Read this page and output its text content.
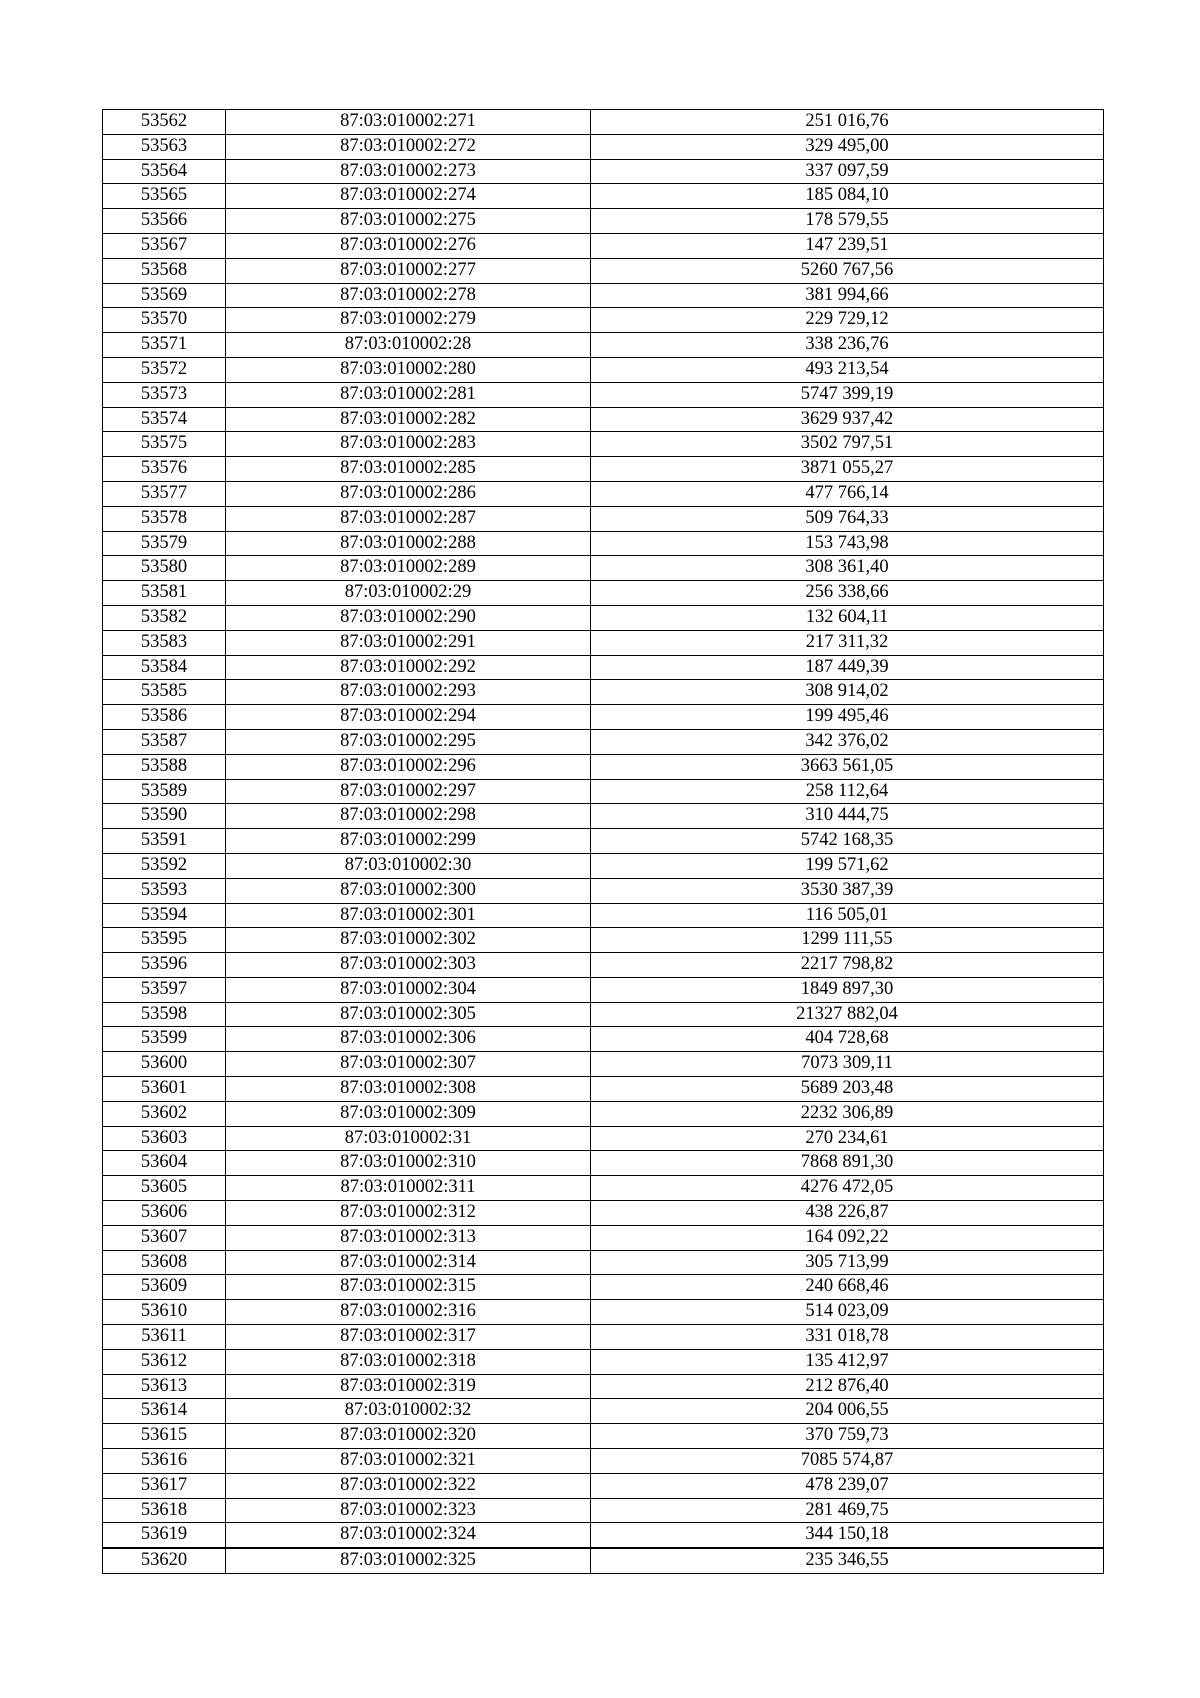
53562	87:03:010002:271	251 016,76
53563	87:03:010002:272	329 495,00
53564	87:03:010002:273	337 097,59
53565	87:03:010002:274	185 084,10
53566	87:03:010002:275	178 579,55
53567	87:03:010002:276	147 239,51
53568	87:03:010002:277	5260 767,56
53569	87:03:010002:278	381 994,66
53570	87:03:010002:279	229 729,12
53571	87:03:010002:28	338 236,76
53572	87:03:010002:280	493 213,54
53573	87:03:010002:281	5747 399,19
53574	87:03:010002:282	3629 937,42
53575	87:03:010002:283	3502 797,51
53576	87:03:010002:285	3871 055,27
53577	87:03:010002:286	477 766,14
53578	87:03:010002:287	509 764,33
53579	87:03:010002:288	153 743,98
53580	87:03:010002:289	308 361,40
53581	87:03:010002:29	256 338,66
53582	87:03:010002:290	132 604,11
53583	87:03:010002:291	217 311,32
53584	87:03:010002:292	187 449,39
53585	87:03:010002:293	308 914,02
53586	87:03:010002:294	199 495,46
53587	87:03:010002:295	342 376,02
53588	87:03:010002:296	3663 561,05
53589	87:03:010002:297	258 112,64
53590	87:03:010002:298	310 444,75
53591	87:03:010002:299	5742 168,35
53592	87:03:010002:30	199 571,62
53593	87:03:010002:300	3530 387,39
53594	87:03:010002:301	116 505,01
53595	87:03:010002:302	1299 111,55
53596	87:03:010002:303	2217 798,82
53597	87:03:010002:304	1849 897,30
53598	87:03:010002:305	21327 882,04
53599	87:03:010002:306	404 728,68
53600	87:03:010002:307	7073 309,11
53601	87:03:010002:308	5689 203,48
53602	87:03:010002:309	2232 306,89
53603	87:03:010002:31	270 234,61
53604	87:03:010002:310	7868 891,30
53605	87:03:010002:311	4276 472,05
53606	87:03:010002:312	438 226,87
53607	87:03:010002:313	164 092,22
53608	87:03:010002:314	305 713,99
53609	87:03:010002:315	240 668,46
53610	87:03:010002:316	514 023,09
53611	87:03:010002:317	331 018,78
53612	87:03:010002:318	135 412,97
53613	87:03:010002:319	212 876,40
53614	87:03:010002:32	204 006,55
53615	87:03:010002:320	370 759,73
53616	87:03:010002:321	7085 574,87
53617	87:03:010002:322	478 239,07
53618	87:03:010002:323	281 469,75
53619	87:03:010002:324	344 150,18
53620	87:03:010002:325	235 346,55
